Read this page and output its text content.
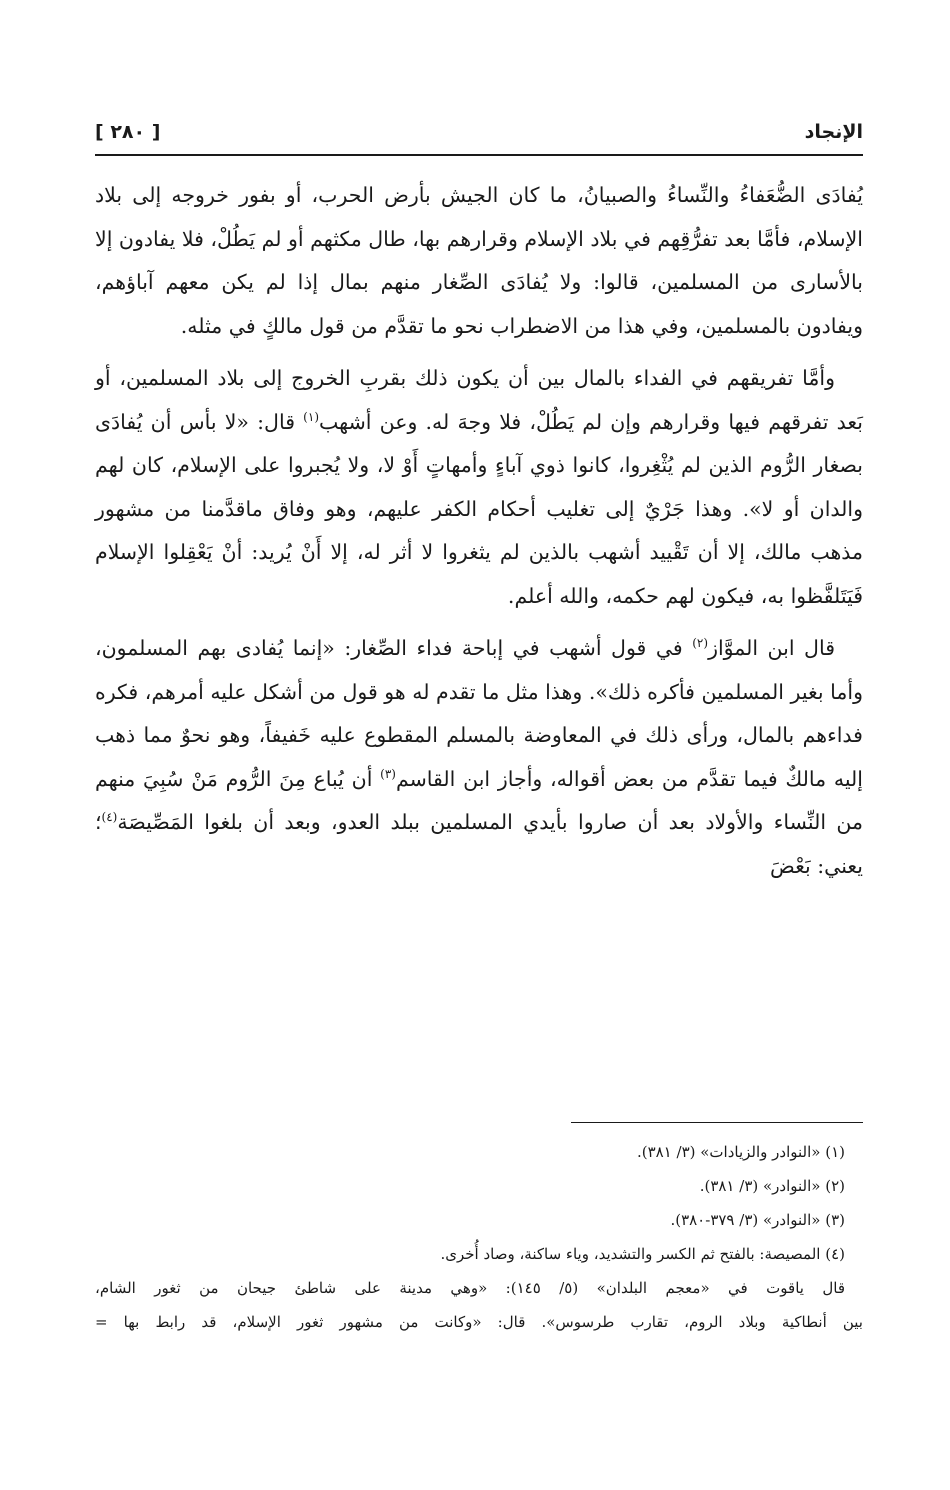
الإنجاد
[ ٢٨٠ ]

يُفادَى الضُّعَفاءُ والنِّساءُ والصبيانُ، ما كان الجيش بأرض الحرب، أو بفور خروجه إلى بلاد الإسلام، فأمَّا بعد تفرُّقِهم في بلاد الإسلام وقرارهم بها، طال مكثهم أو لم يَطُلْ، فلا يفادون إلا بالأسارى من المسلمين، قالوا: ولا يُفادَى الصِّغار منهم بمال إذا لم يكن معهم آباؤهم، ويفادون بالمسلمين، وفي هذا من الاضطراب نحو ما تقدَّم من قول مالكٍ في مثله.

وأمَّا تفريقهم في الفداء بالمال بين أن يكون ذلك بقربِ الخروج إلى بلاد المسلمين، أو بَعد تفرقهم فيها وقرارهم وإن لم يَطُلْ، فلا وجهَ له. وعن أشهب$^{(١)}$ قال: «لا بأس أن يُفادَى بصغار الرُّوم الذين لم يُثْغِروا، كانوا ذوي آباءٍ وأمهاتٍ أَوْ لا، ولا يُجبروا على الإسلام، كان لهم والدان أو لا». وهذا جَرْيٌ إلى تغليب أحكام الكفر عليهم، وهو وفاق ماقدَّمنا من مشهور مذهب مالك، إلا أن تَقْييد أشهب بالذين لم يثغروا لا أثر له، إلا أَنْ يُريد: أنْ يَعْقِلوا الإسلام فَيَتَلفَّظوا به، فيكون لهم حكمه، والله أعلم.

قال ابن الموَّاز$^{(٢)}$ في قول أشهب في إباحة فداء الصِّغار: «إنما يُفادى بهم المسلمون، وأما بغير المسلمين فأكره ذلك». وهذا مثل ما تقدم له هو قول من أشكل عليه أمرهم، فكره فداءهم بالمال، ورأى ذلك في المعاوضة بالمسلم المقطوع عليه خَفيفاً، وهو نحوٌ مما ذهب إليه مالكٌ فيما تقدَّم من بعض أقواله، وأجاز ابن القاسم$^{(٣)}$ أن يُباع مِنَ الرُّوم مَنْ سُبِيَ منهم من النِّساء والأولاد بعد أن صاروا بأيدي المسلمين ببلد العدو، وبعد أن بلغوا المَصِّيصَة$^{(٤)}$؛ يعني: بَعْضَ

(١) «النوادر والزيادات» (٣/ ٣٨١).

(٢) «النوادر» (٣/ ٣٨١).

(٣) «النوادر» (٣/ ٣٧٩-٣٨٠).

(٤) المصيصة: بالفتح ثم الكسر والتشديد، وياء ساكنة، وصاد أُخرى.

قال ياقوت في «معجم البلدان» (٥/ ١٤٥): «وهي مدينة على شاطئ جيحان من ثغور الشام،

بين أنطاكية وبلاد الروم، تقارب طرسوس». قال: «وكانت من مشهور ثغور الإسلام، قد رابط بها =
